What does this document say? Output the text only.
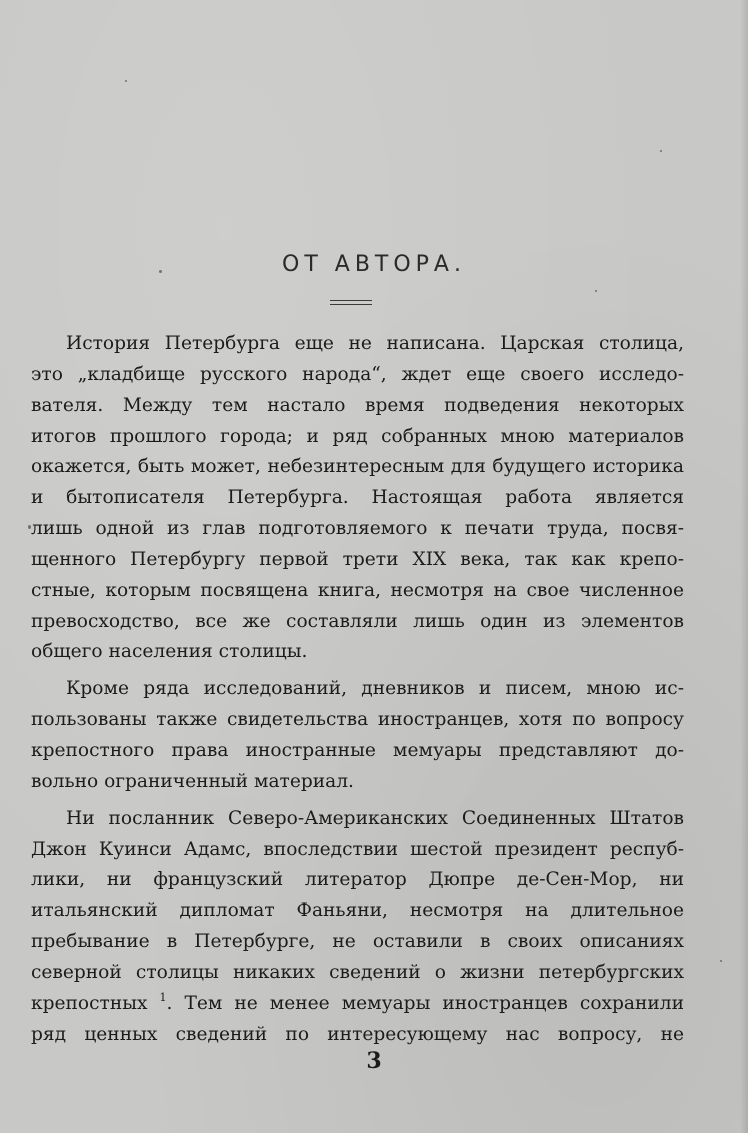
ОТ АВТОРА.
История Петербурга еще не написана. Царская столица,
это „кладбище русского народа“, ждет еще своего исследо-
вателя. Между тем настало время подведения некоторых
итогов прошлого города; и ряд собранных мною материалов
окажется, быть может, небезинтересным для будущего историка
и бытописателя Петербурга. Настоящая работа является
лишь одной из глав подготовляемого к печати труда, посвя-
щенного Петербургу первой трети XIX века, так как крепо-
стные, которым посвящена книга, несмотря на свое численное
превосходство, все же составляли лишь один из элементов
общего населения столицы.
Кроме ряда исследований, дневников и писем, мною ис-
пользованы также свидетельства иностранцев, хотя по вопросу
крепостного права иностранные мемуары представляют до-
вольно ограниченный материал.
Ни посланник Северо-Американских Соединенных Штатов
Джон Куинси Адамс, впоследствии шестой президент респуб-
лики, ни французский литератор Дюпре де-Сен-Мор, ни
итальянский дипломат Фаньяни, несмотря на длительное
пребывание в Петербурге, не оставили в своих описаниях
северной столицы никаких сведений о жизни петербургских
крепостных $^1$. Тем не менее мемуары иностранцев сохранили
ряд ценных сведений по интересующему нас вопросу, не
3
